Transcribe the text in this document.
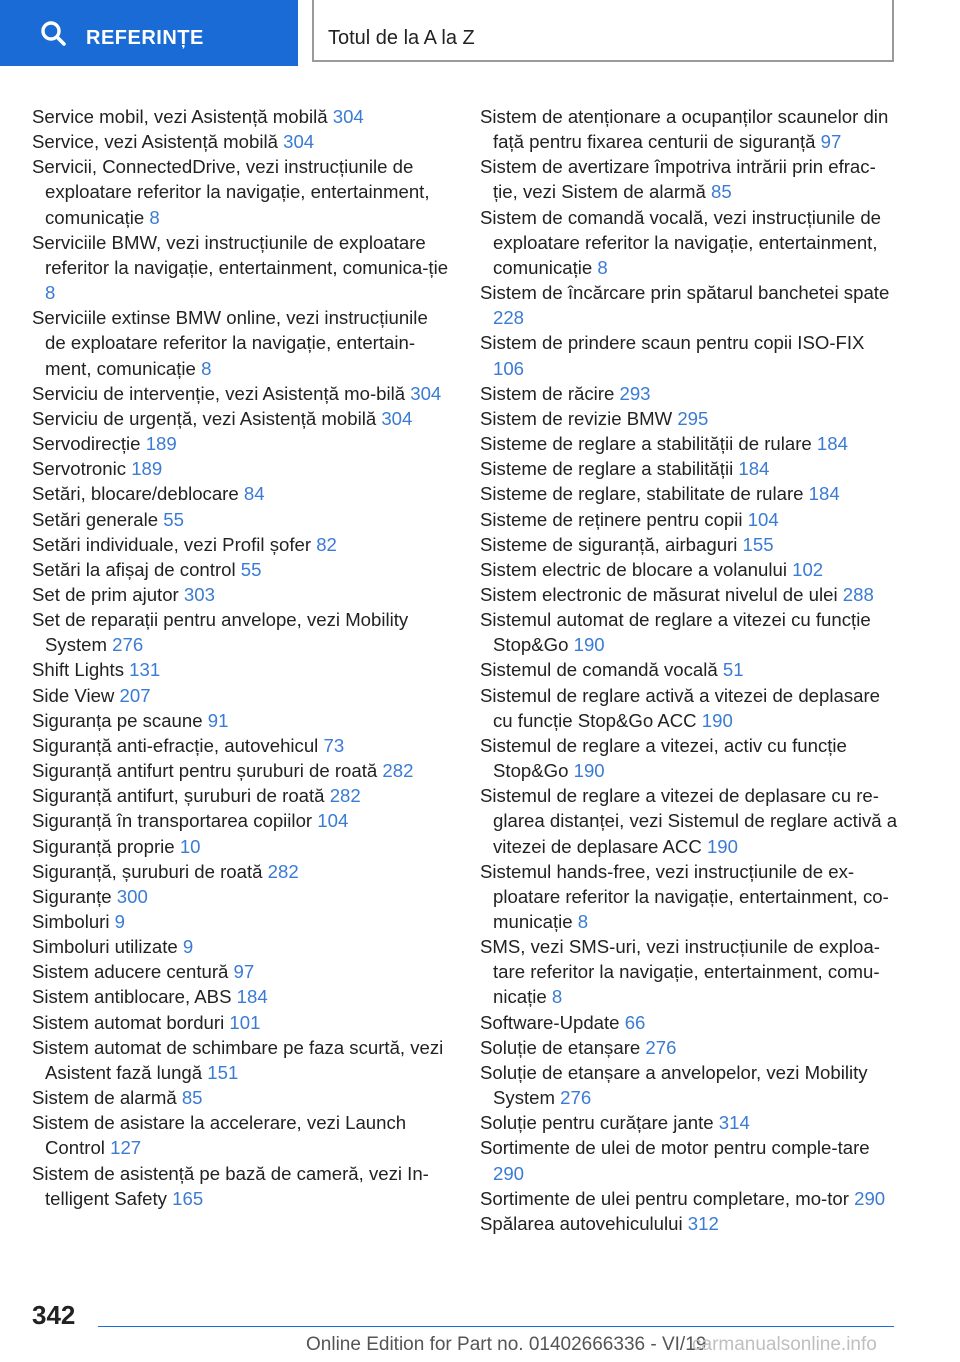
REFERINȚE	Totul de la A la Z

Service mobil, vezi Asistență mobilă 304

Service, vezi Asistență mobilă 304

Servicii, ConnectedDrive, vezi instrucțiunile de exploatare referitor la navigație, entertainment, comunicație 8

Serviciile BMW, vezi instrucțiunile de exploatare referitor la navigație, entertainment, comunica‐ție 8

Serviciile extinse BMW online, vezi instrucțiunile de exploatare referitor la navigație, entertain‐ment, comunicație 8

Serviciu de intervenție, vezi Asistență mo‐bilă 304

Serviciu de urgență, vezi Asistență mobilă 304

Servodirecție 189

Servotronic 189

Setări, blocare/deblocare 84

Setări generale 55

Setări individuale, vezi Profil șofer 82

Setări la afișaj de control 55

Set de prim ajutor 303

Set de reparații pentru anvelope, vezi Mobility System 276

Shift Lights 131

Side View 207

Siguranța pe scaune 91

Siguranță anti-efracție, autovehicul 73

Siguranță antifurt pentru șuruburi de roată 282

Siguranță antifurt, șuruburi de roată 282

Siguranță în transportarea copiilor 104

Siguranță proprie 10

Siguranță, șuruburi de roată 282

Siguranțe 300

Simboluri 9

Simboluri utilizate 9

Sistem aducere centură 97

Sistem antiblocare, ABS 184

Sistem automat borduri 101

Sistem automat de schimbare pe faza scurtă, vezi Asistent fază lungă 151

Sistem de alarmă 85

Sistem de asistare la accelerare, vezi Launch Control 127

Sistem de asistență pe bază de cameră, vezi In‐telligent Safety 165

Sistem de atenționare a ocupanților scaunelor din față pentru fixarea centurii de siguranță 97

Sistem de avertizare împotriva intrării prin efrac‐ție, vezi Sistem de alarmă 85

Sistem de comandă vocală, vezi instrucțiunile de exploatare referitor la navigație, entertainment, comunicație 8

Sistem de încărcare prin spătarul banchetei spate 228

Sistem de prindere scaun pentru copii ISO‐FIX 106

Sistem de răcire 293

Sistem de revizie BMW 295

Sisteme de reglare a stabilității de rulare 184

Sisteme de reglare a stabilității 184

Sisteme de reglare, stabilitate de rulare 184

Sisteme de reținere pentru copii 104

Sisteme de siguranță, airbaguri 155

Sistem electric de blocare a volanului 102

Sistem electronic de măsurat nivelul de ulei 288

Sistemul automat de reglare a vitezei cu funcție Stop&Go 190

Sistemul de comandă vocală 51

Sistemul de reglare activă a vitezei de deplasare cu funcție Stop&Go ACC 190

Sistemul de reglare a vitezei, activ cu funcție Stop&Go 190

Sistemul de reglare a vitezei de deplasare cu re‐glarea distanței, vezi Sistemul de reglare activă a vitezei de deplasare ACC 190

Sistemul hands-free, vezi instrucțiunile de ex‐ploatare referitor la navigație, entertainment, co‐municație 8

SMS, vezi SMS-uri, vezi instrucțiunile de exploa‐tare referitor la navigație, entertainment, comu‐nicație 8

Software-Update 66

Soluție de etanșare 276

Soluție de etanșare a anvelopelor, vezi Mobility System 276

Soluție pentru curățare jante 314

Sortimente de ulei de motor pentru comple‐tare 290

Sortimente de ulei pentru completare, mo‐tor 290

Spălarea autovehiculului 312

342
Online Edition for Part no. 01402666336 - VI/19
carmanualsonline.info
